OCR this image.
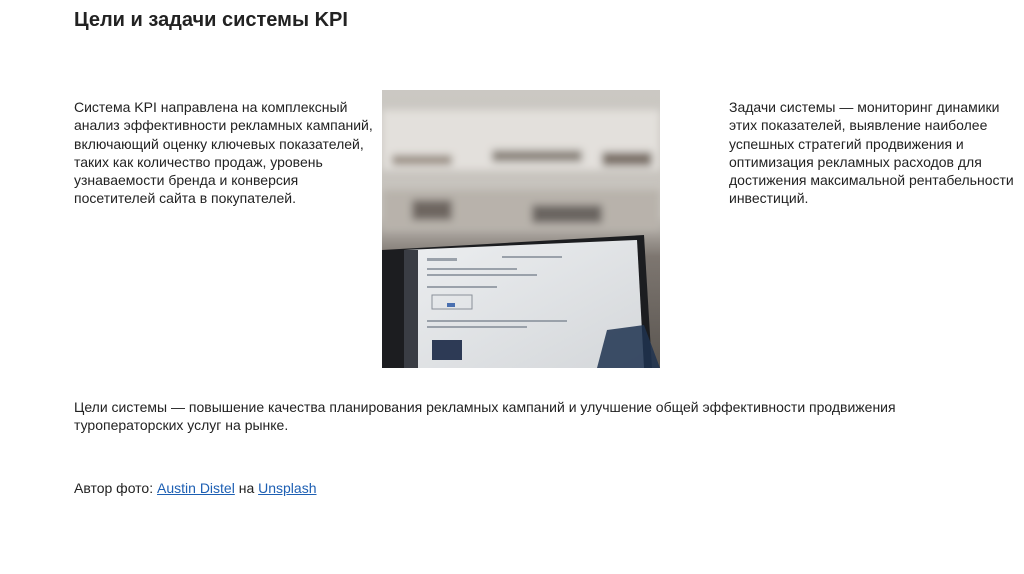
Цели и задачи системы KPI
Система KPI направлена на комплексный анализ эффективности рекламных кампаний, включающий оценку ключевых показателей, таких как количество продаж, уровень узнаваемости бренда и конверсия посетителей сайта в покупателей.
Задачи системы — мониторинг динамики этих показателей, выявление наиболее успешных стратегий продвижения и оптимизация рекламных расходов для достижения максимальной рентабельности инвестиций.
Цели системы — повышение качества планирования рекламных кампаний и улучшение общей эффективности продвижения туроператорских услуг на рынке.
Автор фото: Austin Distel на Unsplash
